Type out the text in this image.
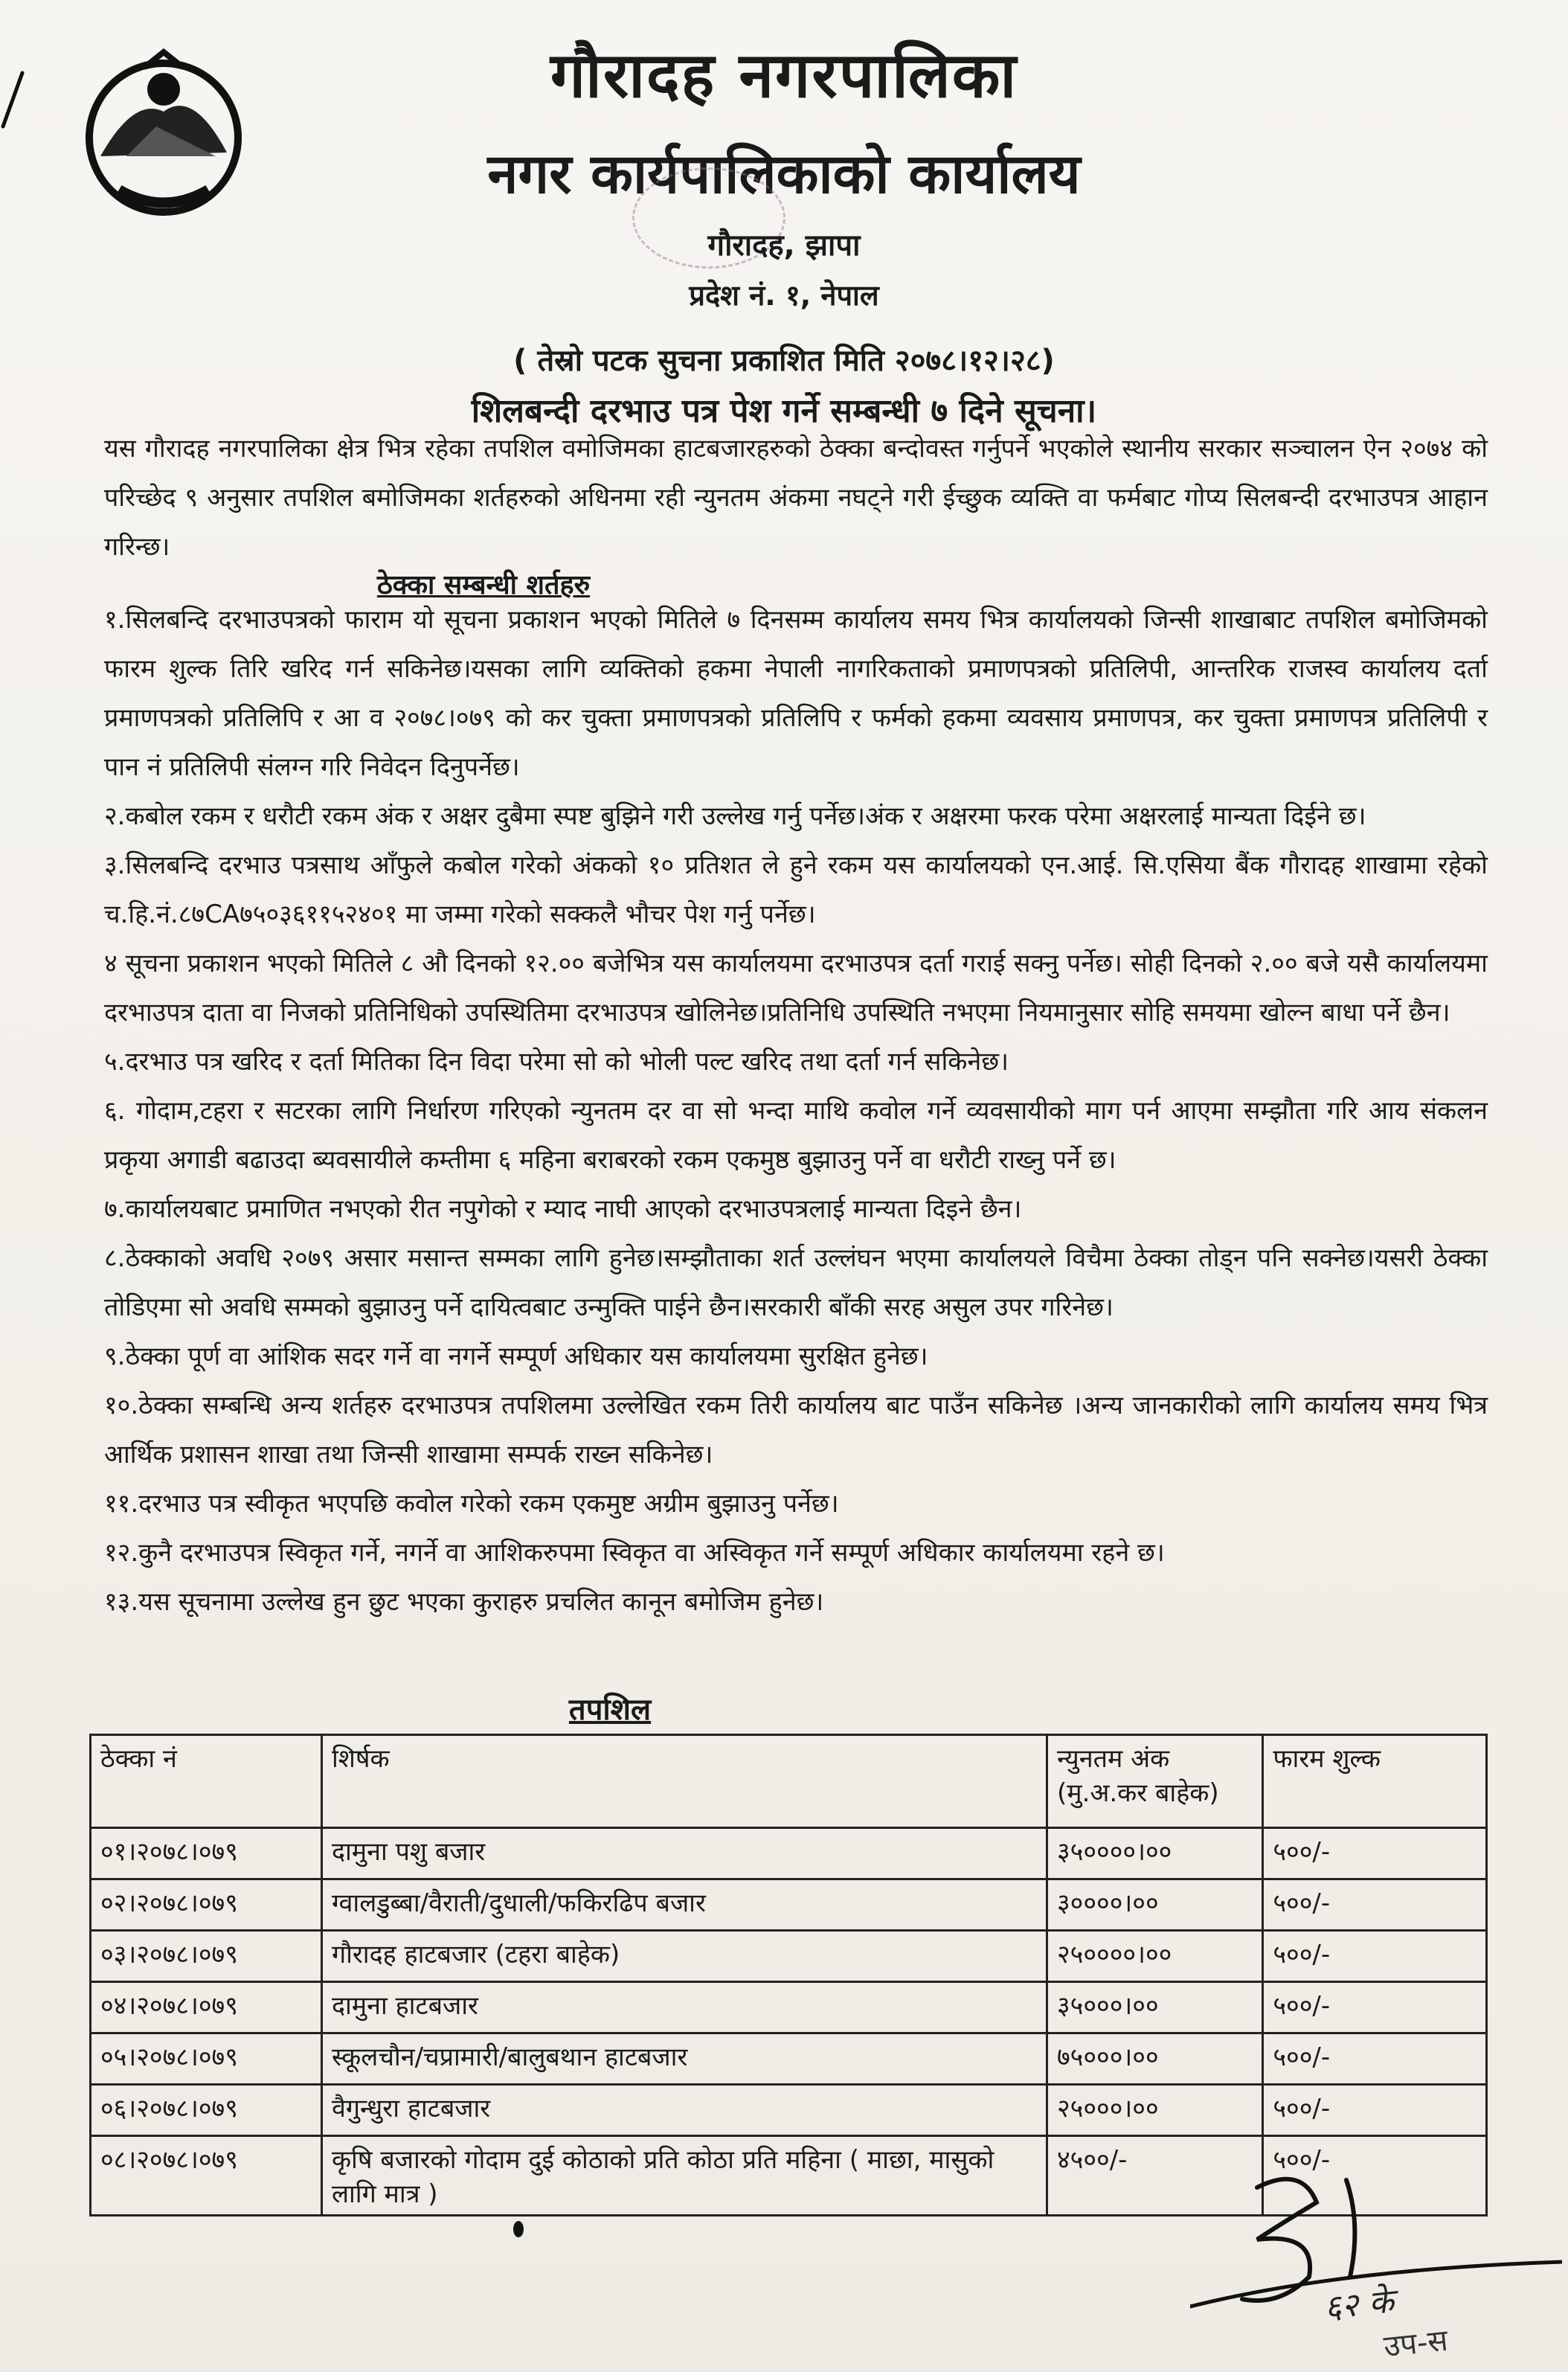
गौरादह नगरपालिका
नगर कार्यपालिकाको कार्यालय
गौरादह, झापा
प्रदेश नं. १, नेपाल
( तेस्रो पटक सुचना प्रकाशित मिति २०७८।१२।२८)
शिलबन्दी दरभाउ पत्र पेश गर्ने सम्बन्धी ७ दिने सूचना।
यस गौरादह नगरपालिका क्षेत्र भित्र रहेका तपशिल वमोजिमका हाटबजारहरुको ठेक्का बन्दोवस्त गर्नुपर्ने भएकोले स्थानीय सरकार सञ्चालन ऐन २०७४ को परिच्छेद ९ अनुसार तपशिल बमोजिमका शर्तहरुको अधिनमा रही न्युनतम अंकमा नघट्ने गरी ईच्छुक व्यक्ति वा फर्मबाट गोप्य सिलबन्दी दरभाउपत्र आहान गरिन्छ।
ठेक्का सम्बन्धी शर्तहरु

१.सिलबन्दि दरभाउपत्रको फाराम यो सूचना प्रकाशन भएको मितिले ७ दिनसम्म कार्यालय समय भित्र कार्यालयको जिन्सी शाखाबाट तपशिल बमोजिमको फारम शुल्क तिरि खरिद गर्न सकिनेछ।यसका लागि व्यक्तिको हकमा नेपाली नागरिकताको प्रमाणपत्रको प्रतिलिपी, आन्तरिक राजस्व कार्यालय दर्ता प्रमाणपत्रको प्रतिलिपि र आ व २०७८।०७९ को कर चुक्ता प्रमाणपत्रको प्रतिलिपि र फर्मको हकमा व्यवसाय प्रमाणपत्र, कर चुक्ता प्रमाणपत्र प्रतिलिपी र पान नं प्रतिलिपी संलग्न गरि निवेदन दिनुपर्नेछ।

२.कबोल रकम र धरौटी रकम अंक र अक्षर दुबैमा स्पष्ट बुझिने गरी उल्लेख गर्नु पर्नेछ।अंक र अक्षरमा फरक परेमा अक्षरलाई मान्यता दिईने छ।

३.सिलबन्दि दरभाउ पत्रसाथ आँफुले कबोल गरेको अंकको १० प्रतिशत ले हुने रकम यस कार्यालयको एन.आई. सि.एसिया बैंक गौरादह शाखामा रहेको च.हि.नं.८७CA७५०३६११५२४०१ मा जम्मा गरेको सक्कलै भौचर पेश गर्नु पर्नेछ।

४ सूचना प्रकाशन भएको मितिले ८ औ दिनको १२.०० बजेभित्र यस कार्यालयमा दरभाउपत्र दर्ता गराई सक्नु पर्नेछ। सोही दिनको २.०० बजे यसै कार्यालयमा दरभाउपत्र दाता वा निजको प्रतिनिधिको उपस्थितिमा दरभाउपत्र खोलिनेछ।प्रतिनिधि उपस्थिति नभएमा नियमानुसार सोहि समयमा खोल्न बाधा पर्ने छैन।

५.दरभाउ पत्र खरिद र दर्ता मितिका दिन विदा परेमा सो को भोली पल्ट खरिद तथा दर्ता गर्न सकिनेछ।

६. गोदाम,टहरा र सटरका लागि निर्धारण गरिएको न्युनतम दर वा सो भन्दा माथि कवोल गर्ने व्यवसायीको माग पर्न आएमा सम्झौता गरि आय संकलन प्रकृया अगाडी बढाउदा ब्यवसायीले कम्तीमा ६ महिना बराबरको रकम एकमुष्ठ बुझाउनु पर्ने वा धरौटी राख्नु पर्ने छ।

७.कार्यालयबाट प्रमाणित नभएको रीत नपुगेको र म्याद नाघी आएको दरभाउपत्रलाई मान्यता दिइने छैन।

८.ठेक्काको अवधि २०७९ असार मसान्त सम्मका लागि हुनेछ।सम्झौताका शर्त उल्लंघन भएमा कार्यालयले विचैमा ठेक्का तोड्न पनि सक्नेछ।यसरी ठेक्का तोडिएमा सो अवधि सम्मको बुझाउनु पर्ने दायित्वबाट उन्मुक्ति पाईने छैन।सरकारी बाँकी सरह असुल उपर गरिनेछ।

९.ठेक्का पूर्ण वा आंशिक सदर गर्ने वा नगर्ने सम्पूर्ण अधिकार यस कार्यालयमा सुरक्षित हुनेछ।

१०.ठेक्का सम्बन्धि अन्य शर्तहरु दरभाउपत्र तपशिलमा उल्लेखित रकम तिरी कार्यालय बाट पाउँन सकिनेछ ।अन्य जानकारीको लागि कार्यालय समय भित्र आर्थिक प्रशासन शाखा तथा जिन्सी शाखामा सम्पर्क राख्न सकिनेछ।

११.दरभाउ पत्र स्वीकृत भएपछि कवोल गरेको रकम एकमुष्ट अग्रीम बुझाउनु पर्नेछ।

१२.कुनै दरभाउपत्र स्विकृत गर्ने, नगर्ने वा आशिकरुपमा स्विकृत वा अस्विकृत गर्ने सम्पूर्ण अधिकार कार्यालयमा रहने छ।

१३.यस सूचनामा उल्लेख हुन छुट भएका कुराहरु प्रचलित कानून बमोजिम हुनेछ।

तपशिल
ठेक्का नं	शिर्षक	न्युनतम अंक
(मु.अ.कर बाहेक)	फारम शुल्क
०१।२०७८।०७९	दामुना पशु बजार	३५००००।००	५००/-
०२।२०७८।०७९	ग्वालडुब्बा/वैराती/दुधाली/फकिरढिप बजार	३००००।००	५००/-
०३।२०७८।०७९	गौरादह हाटबजार (टहरा बाहेक)	२५००००।००	५००/-
०४।२०७८।०७९	दामुना हाटबजार	३५०००।००	५००/-
०५।२०७८।०७९	स्कूलचौन/चप्रामारी/बालुबथान हाटबजार	७५०००।००	५००/-
०६।२०७८।०७९	वैगुन्धुरा हाटबजार	२५०००।००	५००/-
०८।२०७८।०७९	कृषि बजारको गोदाम दुई कोठाको प्रति कोठा प्रति महिना ( माछा, मासुको लागि मात्र )	४५००/-	५००/-
६२ के
उप-स
